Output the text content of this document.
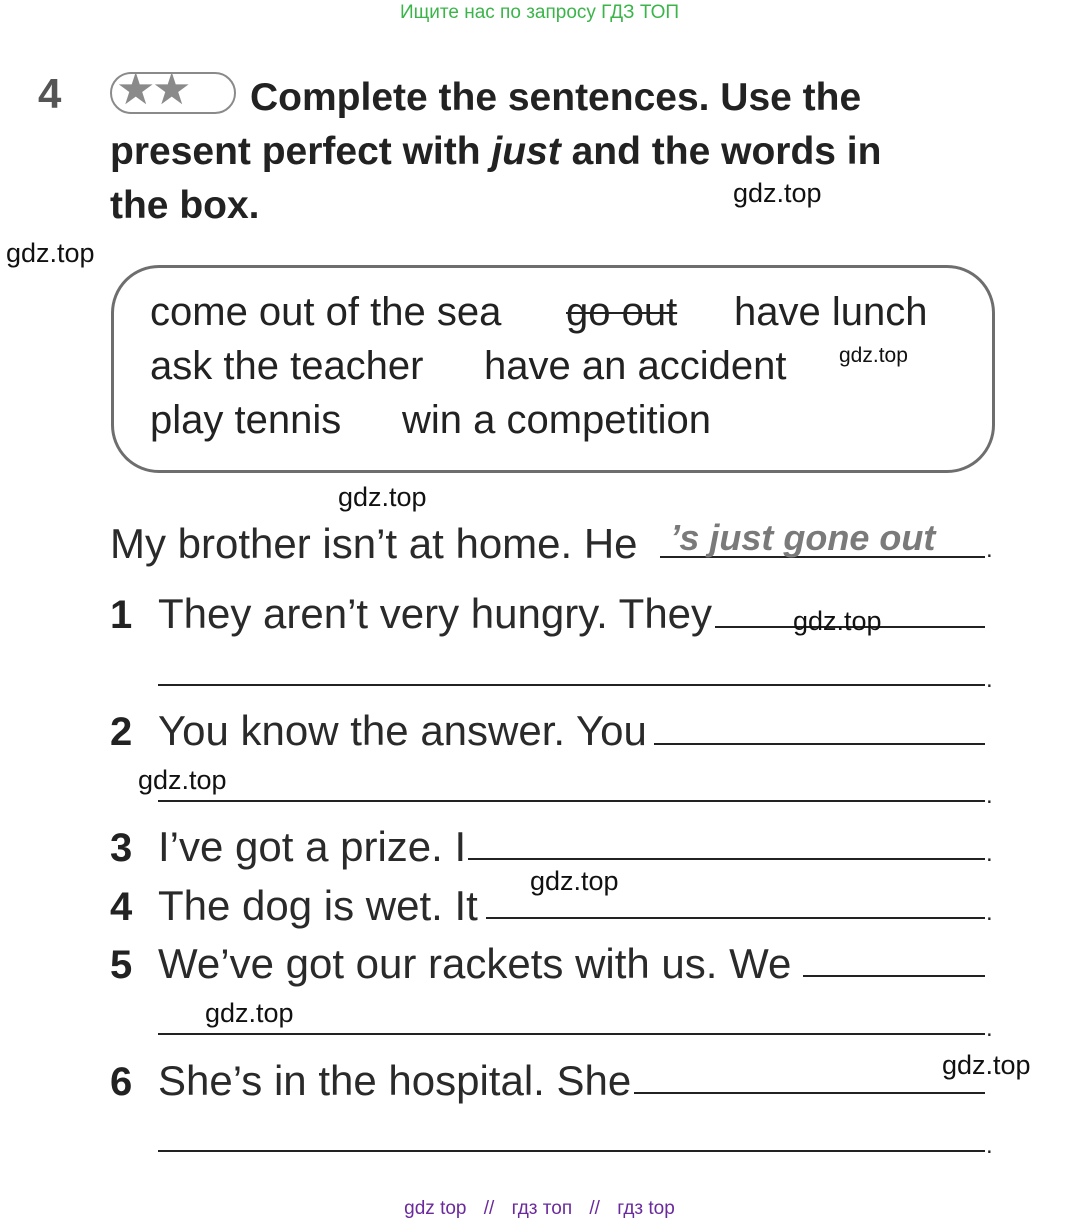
Ищите нас по запросу ГДЗ ТОП
4 ★
★ Complete the sentences. Use the
present perfect with just and the words in
the box.	gdz.top
gdz.top
come out of the sea go out have lunch
ask the teacher have an accident	gdz.top
play tennis win a competition
gdz.top
My brother isn’t at home. He ’s just gone out .
1 They aren’t very hungry. They	gdz.top
.
2 You know the answer. You
gdz.top
.
3 I’ve got a prize. I	.
4 The dog is wet. It
gdz.top
.
5 We’ve got our rackets with us. We
gdz.top
.
6 She’s in the hospital. She	gdz.top
.
gdz top // гдз топ // гдз top
